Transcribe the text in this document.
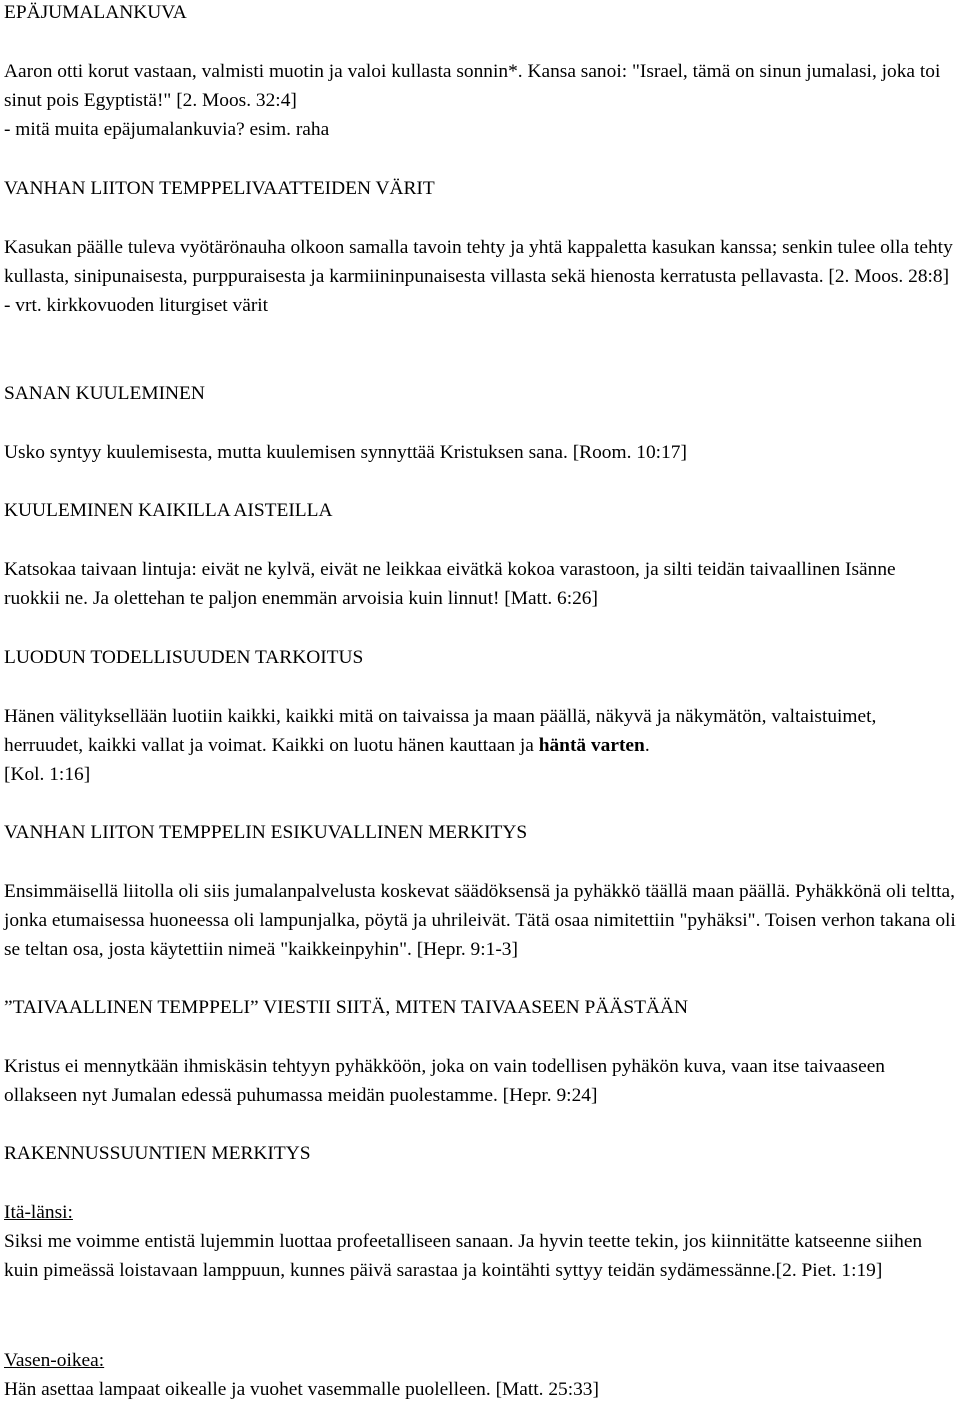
EPÄJUMALANKUVA

Aaron otti korut vastaan, valmisti muotin ja valoi kullasta sonnin*. Kansa sanoi: "Israel, tämä on sinun jumalasi, joka toi sinut pois Egyptistä!" [2. Moos. 32:4]

- mitä muita epäjumalankuvia? esim. raha

VANHAN LIITON TEMPPELIVAATTEIDEN VÄRIT

Kasukan päälle tuleva vyötärönauha olkoon samalla tavoin tehty ja yhtä kappaletta kasukan kanssa; senkin tulee olla tehty kullasta, sinipunaisesta, purppuraisesta ja karmiininpunaisesta villasta sekä hienosta kerratusta pellavasta. [2. Moos. 28:8]

- vrt. kirkkovuoden liturgiset värit

SANAN KUULEMINEN

Usko syntyy kuulemisesta, mutta kuulemisen synnyttää Kristuksen sana. [Room. 10:17]

KUULEMINEN KAIKILLA AISTEILLA

Katsokaa taivaan lintuja: eivät ne kylvä, eivät ne leikkaa eivätkä kokoa varastoon, ja silti teidän taivaallinen Isänne ruokkii ne. Ja olettehan te paljon enemmän arvoisia kuin linnut! [Matt. 6:26]

LUODUN TODELLISUUDEN TARKOITUS

Hänen välityksellään luotiin kaikki, kaikki mitä on taivaissa ja maan päällä, näkyvä ja näkymätön, valtaistuimet, herruudet, kaikki vallat ja voimat. Kaikki on luotu hänen kauttaan ja häntä varten.

[Kol. 1:16]

VANHAN LIITON TEMPPELIN ESIKUVALLINEN MERKITYS

Ensimmäisellä liitolla oli siis jumalanpalvelusta koskevat säädöksensä ja pyhäkkö täällä maan päällä. Pyhäkkönä oli teltta, jonka etumaisessa huoneessa oli lampunjalka, pöytä ja uhrileivät. Tätä osaa nimitettiin "pyhäksi". Toisen verhon takana oli se teltan osa, josta käytettiin nimeä "kaikkeinpyhin". [Hepr. 9:1-3]

”TAIVAALLINEN TEMPPELI” VIESTII SIITÄ, MITEN TAIVAASEEN PÄÄSTÄÄN

Kristus ei mennytkään ihmiskäsin tehtyyn pyhäkköön, joka on vain todellisen pyhäkön kuva, vaan itse taivaaseen ollakseen nyt Jumalan edessä puhumassa meidän puolestamme. [Hepr. 9:24]

RAKENNUSSUUNTIEN MERKITYS

Itä-länsi:

Siksi me voimme entistä lujemmin luottaa profeetalliseen sanaan. Ja hyvin teette tekin, jos kiinnitätte katseenne siihen kuin pimeässä loistavaan lamppuun, kunnes päivä sarastaa ja kointähti syttyy teidän sydämessänne.[2. Piet. 1:19]

Vasen-oikea:

Hän asettaa lampaat oikealle ja vuohet vasemmalle puolelleen. [Matt. 25:33]
